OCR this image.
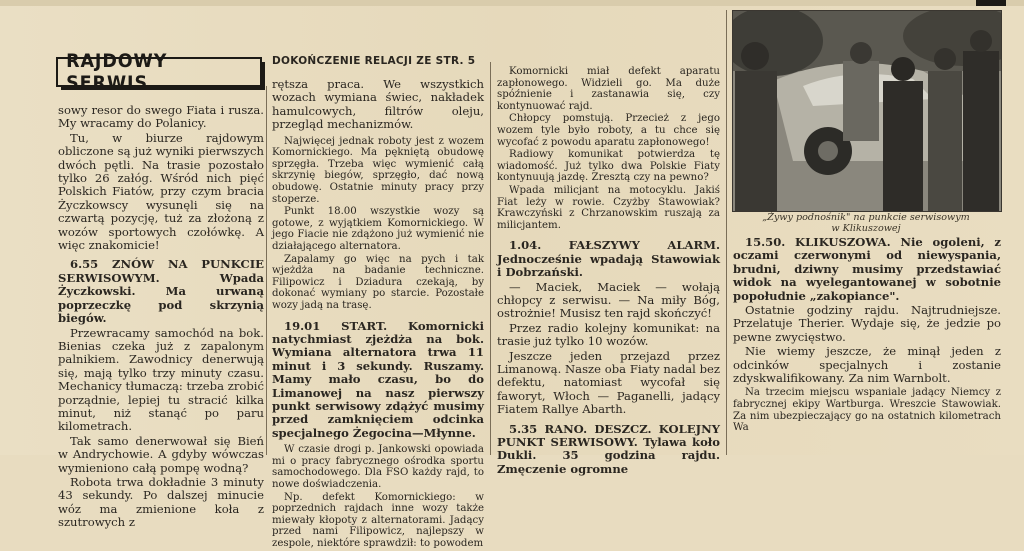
RAJDOWY SERWIS
DOKOŃCZENIE RELACJI ZE STR. 5

sowy resor do swego Fiata i rusza. My wracamy do Polanicy.

Tu, w biurze rajdowym obliczone są już wyniki pierwszych dwóch pętli. Na trasie pozostało tylko 26 załóg. Wśród nich pięć Polskich Fiatów, przy czym bracia Życzkowscy wysunęli się na czwartą pozycję, tuż za złożoną z wozów sportowych czołówkę. A więc znakomicie!

6.55 ZNÓW NA PUNKCIE SERWISOWYM. Wpada Życzkowski. Ma urwaną poprzeczkę pod skrzynią biegów.

Przewracamy samochód na bok. Bienias czeka już z zapalonym palnikiem. Zawodnicy denerwują się, mają tylko trzy minuty czasu. Mechanicy tłumaczą: trzeba zrobić porządnie, lepiej tu stracić kilka minut, niż stanąć po paru kilometrach.

Tak samo denerwował się Bień w Andrychowie. A gdyby wówczas wymieniono całą pompę wodną?

Robota trwa dokładnie 3 minuty 43 sekundy. Po dalszej minucie wóz ma zmienione koła z szutrowych z

rętsza praca. We wszystkich wozach wymiana świec, nakładek hamulcowych, filtrów oleju, przegląd mechanizmów.

Najwięcej jednak roboty jest z wozem Komornickiego. Ma pękniętą obudowę sprzęgła. Trzeba więc wymienić całą skrzynię biegów, sprzęgło, dać nową obudowę. Ostatnie minuty pracy przy stoperze.

Punkt 18.00 wszystkie wozy są gotowe, z wyjątkiem Komornickiego. W jego Fiacie nie zdążono już wymienić nie działającego alternatora.

Zapalamy go więc na pych i tak wjeżdża na badanie techniczne. Filipowicz i Dziadura czekają, by dokonać wymiany po starcie. Pozostałe wozy jadą na trasę.

19.01 START. Komornicki natychmiast zjeżdża na bok. Wymiana alternatora trwa 11 minut i 3 sekundy. Ruszamy. Mamy mało czasu, bo do Limanowej na nasz pierwszy punkt serwisowy zdążyć musimy przed zamknięciem odcinka specjalnego Żegocina—Młynne.

W czasie drogi p. Jankowski opowiada mi o pracy fabrycznego ośrodka sportu samochodowego. Dla FSO każdy rajd, to nowe doświadczenia.

Np. defekt Komornickiego: w poprzednich rajdach inne wozy także miewały kłopoty z alternatorami. Jadący przed nami Filipowicz, najlepszy w zespole, niektóre sprawdził: to powodem

Komornicki miał defekt aparatu zapłonowego. Widzieli go. Ma duże spóźnienie i zastanawia się, czy kontynuować rajd.

Chłopcy pomstują. Przecież z jego wozem tyle było roboty, a tu chce się wycofać z powodu aparatu zapłonowego!

Radiowy komunikat potwierdza tę wiadomość. Już tylko dwa Polskie Fiaty kontynuują jazdę. Zresztą czy na pewno?

Wpada milicjant na motocyklu. Jakiś Fiat leży w rowie. Czyżby Stawowiak? Krawczyński z Chrzanowskim ruszają za milicjantem.

1.04. FAŁSZYWY ALARM. Jednocześnie wpadają Stawowiak i Dobrzański.

— Maciek, Maciek — wołają chłopcy z serwisu. — Na miły Bóg, ostrożnie! Musisz ten rajd skończyć!

Przez radio kolejny komunikat: na trasie już tylko 10 wozów.

Jeszcze jeden przejazd przez Limanową. Nasze oba Fiaty nadal bez defektu, natomiast wycofał się faworyt, Włoch — Paganelli, jadący Fiatem Rallye Abarth.

5.35 RANO. DESZCZ. KOLEJNY PUNKT SERWISOWY. Tylawa koło Dukli. 35 godzina rajdu. Zmęczenie ogromne

„Żywy podnośnik" na punkcie serwisowym w Klikuszowej

15.50. KLIKUSZOWA. Nie ogoleni, z oczami czerwonymi od niewyspania, brudni, dziwny musimy przedstawiać widok na wyelegantowanej w sobotnie popołudnie „zakopiance".

Ostatnie godziny rajdu. Najtrudniejsze. Przelatuje Therier. Wydaje się, że jedzie po pewne zwycięstwo.

Nie wiemy jeszcze, że minął jeden z odcinków specjalnych i zostanie zdyskwalifikowany. Za nim Warnbolt.

Na trzecim miejscu wspaniale jadący Niemcy z fabrycznej ekipy Wartburga. Wreszcie Stawowiak. Za nim ubezpieczający go na ostatnich kilometrach Wa
